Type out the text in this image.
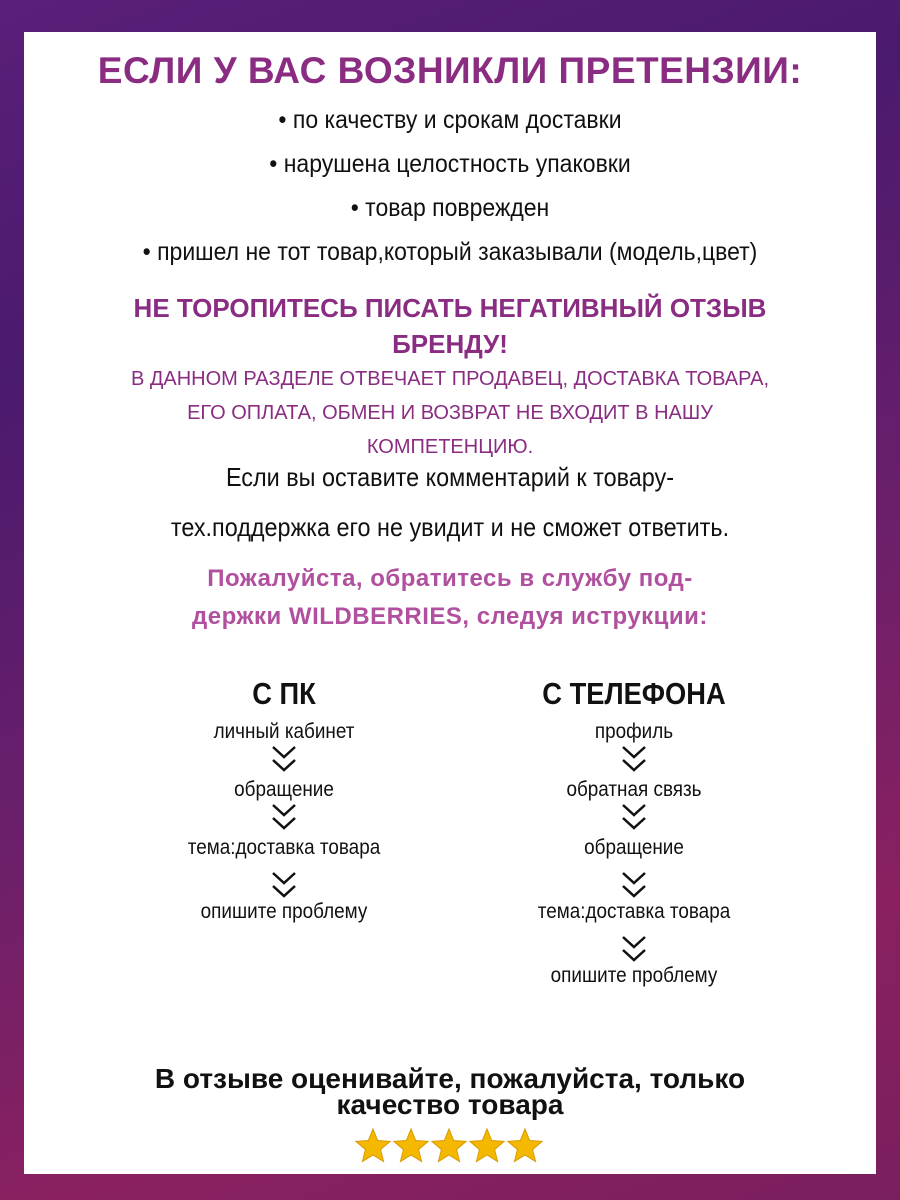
ЕСЛИ У ВАС ВОЗНИКЛИ ПРЕТЕНЗИИ:
• по качеству и срокам доставки
• нарушена целостность упаковки
• товар поврежден
• пришел не тот товар,который заказывали (модель,цвет)
НЕ ТОРОПИТЕСЬ ПИСАТЬ НЕГАТИВНЫЙ ОТЗЫВ
БРЕНДУ!
В ДАННОМ РАЗДЕЛЕ ОТВЕЧАЕТ ПРОДАВЕЦ, ДОСТАВКА ТОВАРА,
ЕГО ОПЛАТА, ОБМЕН И ВОЗВРАТ НЕ ВХОДИТ В НАШУ
КОМПЕТЕНЦИЮ.
Если вы оставите комментарий к товару-
тех.поддержка его не увидит и не сможет ответить.
Пожалуйста, обратитесь в службу под-
держки WILDBERRIES, следуя иструкции:
С ПК
личный кабинет
обращение
тема:доставка товара
опишите проблему
С ТЕЛЕФОНА
профиль
обратная связь
обращение
тема:доставка товара
опишите проблему
В отзыве оценивайте, пожалуйста, только
качество товара
